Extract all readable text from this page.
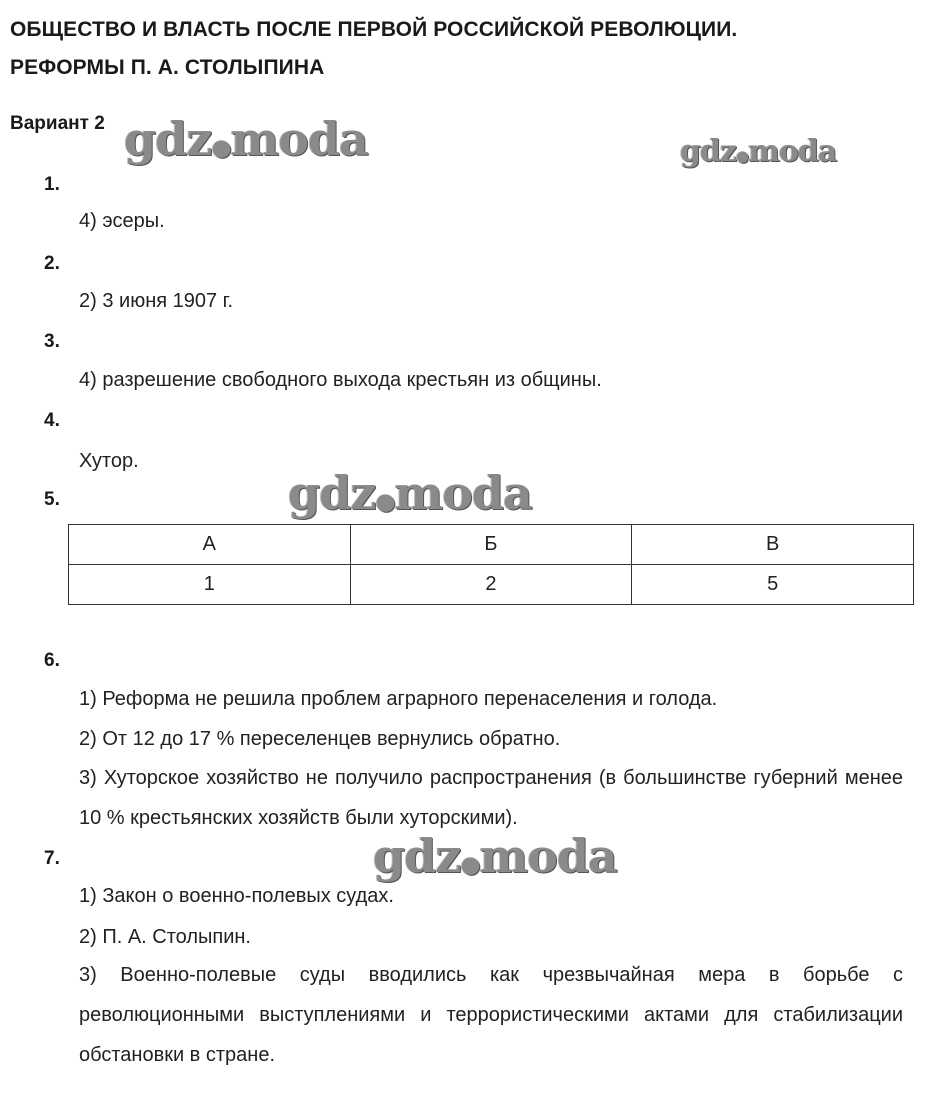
ОБЩЕСТВО И ВЛАСТЬ ПОСЛЕ ПЕРВОЙ РОССИЙСКОЙ РЕВОЛЮЦИИ.
РЕФОРМЫ П. А. СТОЛЫПИНА
Вариант 2 gdz●moda	gdz●moda
gdz●moda
gdz●moda
1.
4) эсеры.
2.
2) 3 июня 1907 г.
3.
4) разрешение свободного выхода крестьян из общины.
4.
Хутор.
5.
А	Б	В
1	2	5
6.
1) Реформа не решила проблем аграрного перенаселения и голода.
2) От 12 до 17 % переселенцев вернулись обратно.
3) Хуторское хозяйство не получило распространения (в большинстве губерний менее 10 % крестьянских хозяйств были хуторскими).
7.
1) Закон о военно-полевых судах.
2) П. А. Столыпин.
3) Военно-полевые суды вводились как чрезвычайная мера в борьбе с революционными выступлениями и террористическими актами для стабилизации обстановки в стране.
